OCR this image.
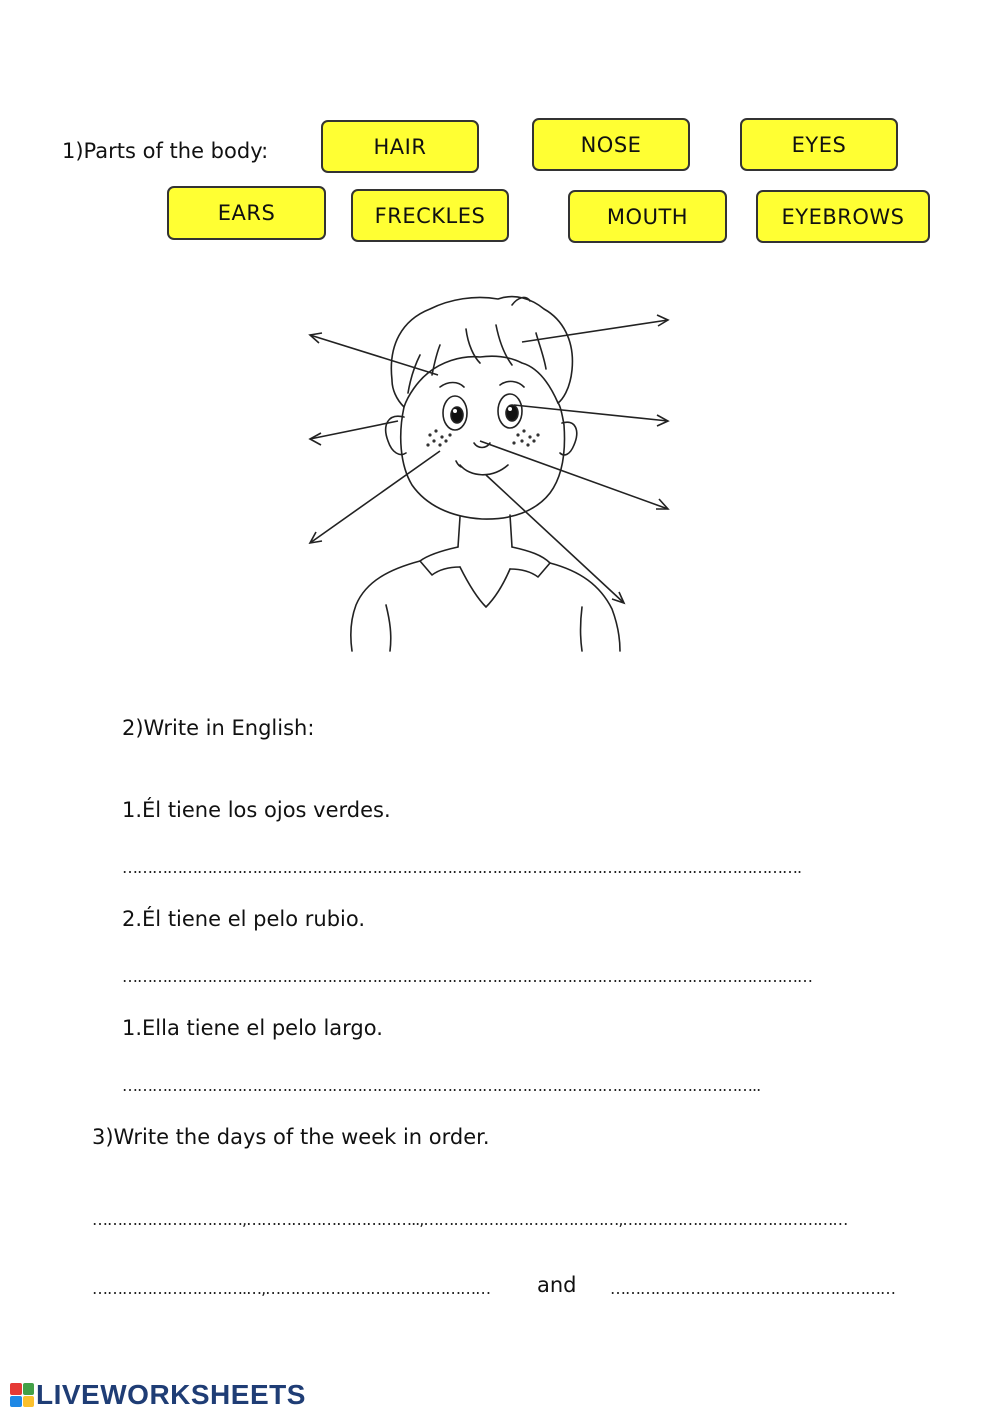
1)Parts of the body:	HAIR	NOSE	EYES
EARS	FRECKLES	MOUTH	EYEBROWS
2)Write in English:
1.Él tiene los ojos verdes.
……………………………………………………………………………………………………………………….
2.Él tiene el pelo rubio.
…………………………………………………………………………………………………………………………
1.Ella tiene el pelo largo.
………………………………………………………………………………………………………………..
3)Write the days of the week in order.
…………………………,……………………………..,…………………………………,………………………………………
………………………….…,………………………………………	and …………………………………………………
LIVEWORKSHEETS
